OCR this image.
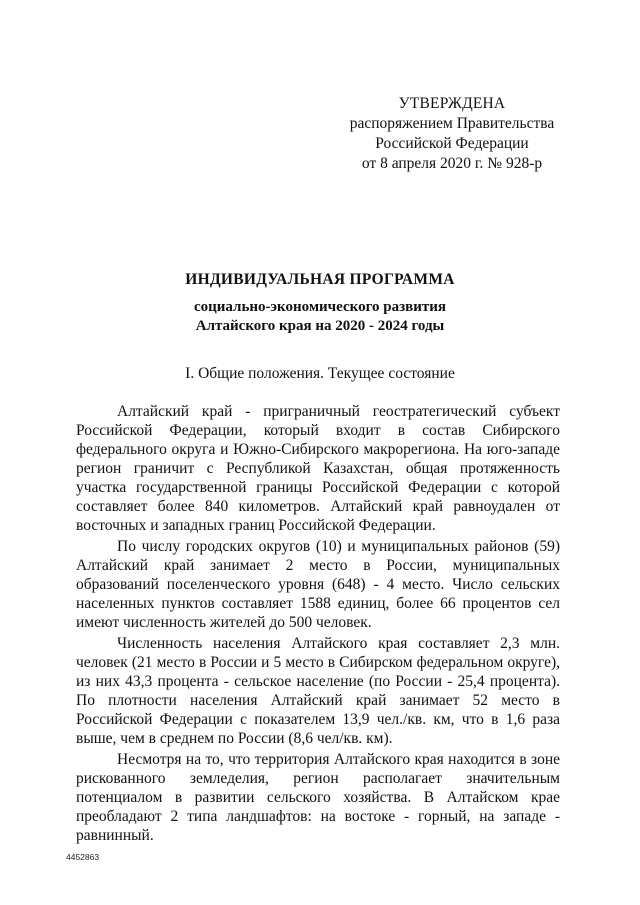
УТВЕРЖДЕНА
распоряжением Правительства
Российской Федерации
от 8 апреля 2020 г. № 928-р
ИНДИВИДУАЛЬНАЯ ПРОГРАММА
социально-экономического развития
Алтайского края на 2020 - 2024 годы
I. Общие положения. Текущее состояние

Алтайский край - приграничный геостратегический субъект Российской Федерации, который входит в состав Сибирского федерального округа и Южно-Сибирского макрорегиона. На юго-западе регион граничит с Республикой Казахстан, общая протяженность участка государственной границы Российской Федерации с которой составляет более 840 километров. Алтайский край равноудален от восточных и западных границ Российской Федерации.

По числу городских округов (10) и муниципальных районов (59) Алтайский край занимает 2 место в России, муниципальных образований поселенческого уровня (648) - 4 место. Число сельских населенных пунктов составляет 1588 единиц, более 66 процентов сел имеют численность жителей до 500 человек.

Численность населения Алтайского края составляет 2,3 млн. человек (21 место в России и 5 место в Сибирском федеральном округе), из них 43,3 процента - сельское население (по России - 25,4 процента). По плотности населения Алтайский край занимает 52 место в Российской Федерации с показателем 13,9 чел./кв. км, что в 1,6 раза выше, чем в среднем по России (8,6 чел/кв. км).

Несмотря на то, что территория Алтайского края находится в зоне рискованного земледелия, регион располагает значительным потенциалом в развитии сельского хозяйства. В Алтайском крае преобладают 2 типа ландшафтов: на востоке - горный, на западе - равнинный.

4452863
